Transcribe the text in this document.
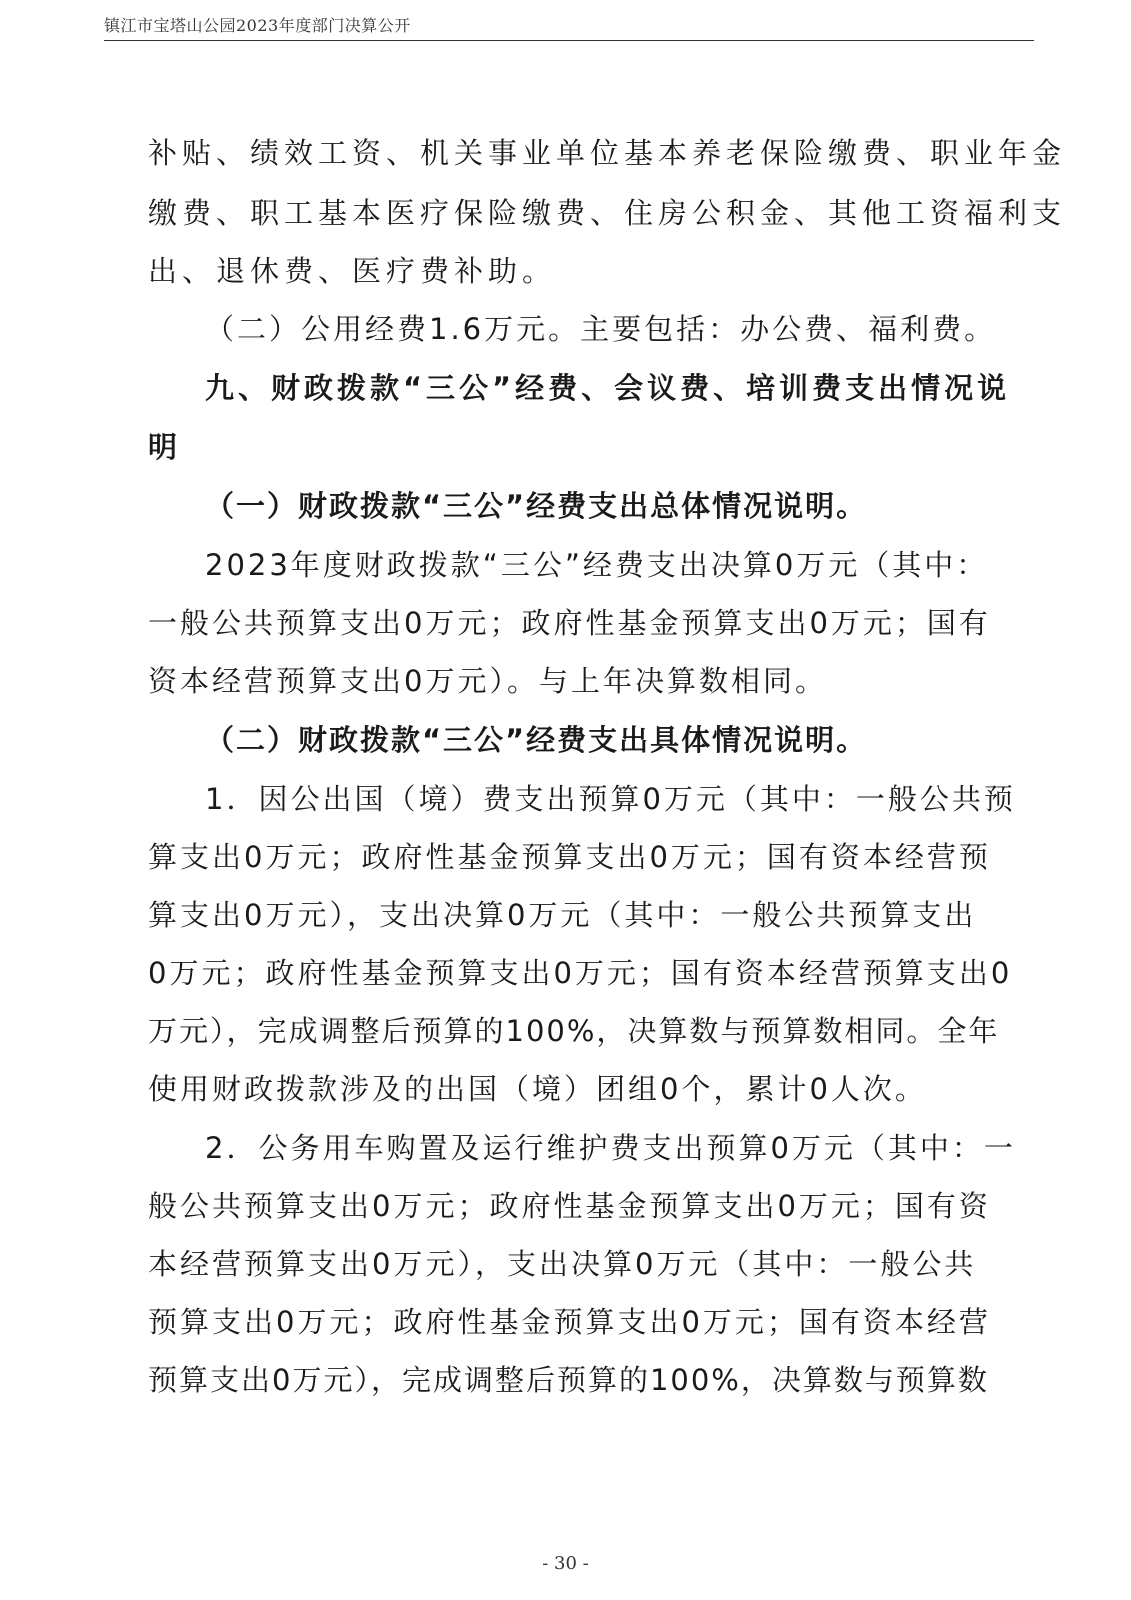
镇江市宝塔山公园2023年度部门决算公开
补贴、绩效工资、机关事业单位基本养老保险缴费、职业年金
缴费、职工基本医疗保险缴费、住房公积金、其他工资福利支
出、退休费、医疗费补助。
（二）公用经费1.6万元。主要包括：办公费、福利费。
九、财政拨款“三公”经费、会议费、培训费支出情况说
明
（一）财政拨款“三公”经费支出总体情况说明。
2023年度财政拨款“三公”经费支出决算0万元（其中：
一般公共预算支出0万元；政府性基金预算支出0万元；国有
资本经营预算支出0万元）。与上年决算数相同。
（二）财政拨款“三公”经费支出具体情况说明。
1．因公出国（境）费支出预算0万元（其中：一般公共预
算支出0万元；政府性基金预算支出0万元；国有资本经营预
算支出0万元），支出决算0万元（其中：一般公共预算支出
0万元；政府性基金预算支出0万元；国有资本经营预算支出0
万元），完成调整后预算的100%，决算数与预算数相同。全年
使用财政拨款涉及的出国（境）团组0个，累计0人次。
2．公务用车购置及运行维护费支出预算0万元（其中：一
般公共预算支出0万元；政府性基金预算支出0万元；国有资
本经营预算支出0万元），支出决算0万元（其中：一般公共
预算支出0万元；政府性基金预算支出0万元；国有资本经营
预算支出0万元），完成调整后预算的100%，决算数与预算数
- 30 -
